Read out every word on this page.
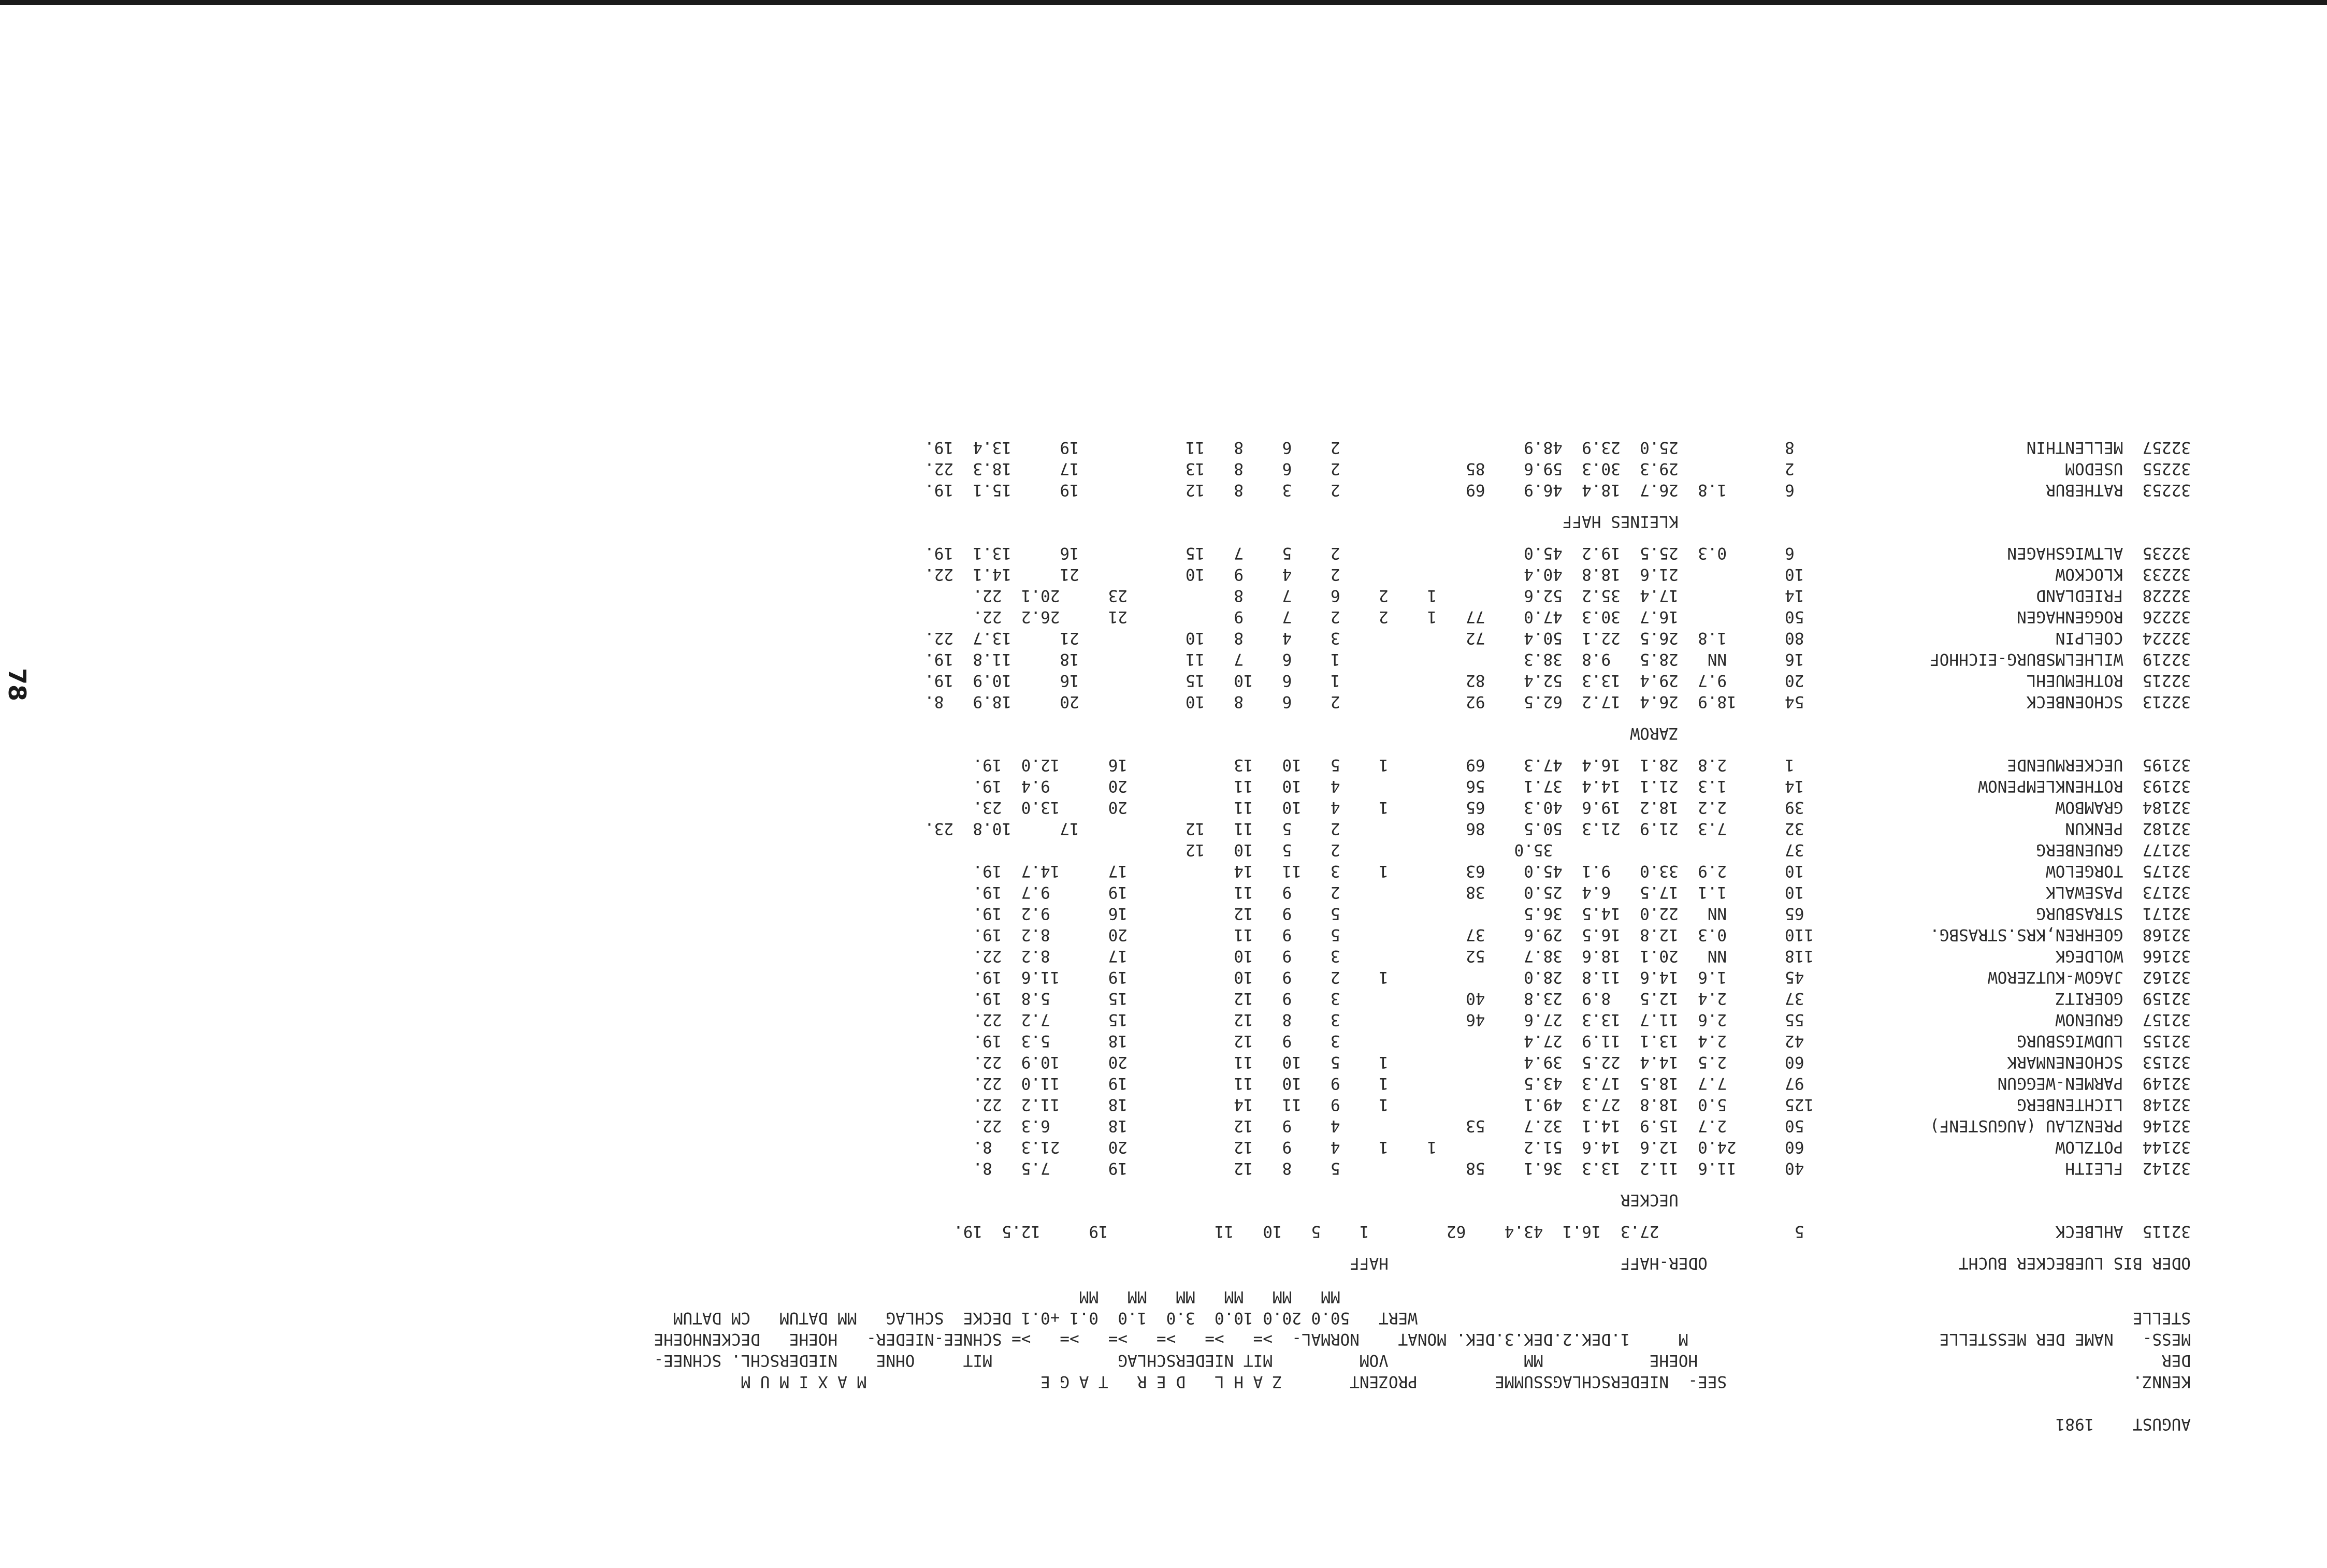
78
AUGUST    1981
KENNZ.                                          SEE-  NIEDERSCHLAGSSUMME        PROZENT       Z A H L   D E R   T A G E                  M A X I M U M
DER                                                HOEHE           MM              VOM         MIT NIEDERSCHLAG             MIT     OHNE    NIEDERSCHL. SCHNEE-
MESS-   NAME DER MESSTELLE                          M     1.DEK.2.DEK.3.DEK. MONAT    NORMAL-  >=   >=   >=   >=   >=   >= SCHNEE-NIEDER-   HOEHE   DECKENHOEHE
STELLE                                                                          WERT   50.0 20.0 10.0  3.0  1.0  0.1 +0.1 DECKE  SCHLAG   MM DATUM   CM DATUM
MM   MM   MM   MM   MM   MM
ODER BIS LUEBECKER BUCHT                          ODER-HAFF                        HAFF
32115  AHLBECK                          5              27.3  16.1  43.4    62        1    5   10   11           19     12.5  19.
UECKER
32142  FLEITH                           40     11.6  11.2  13.3  36.1    58             5    8   12           19      7.5   8.
32144  POTZLOW                          60     24.0  12.6  14.6  51.2         1    1    4    9   12           20     21.3   8.
32146  PRENZLAU (AUGUSTENF)             50      2.7  15.9  14.1  32.7    53             4    9   12           18      6.3  22.
32148  LICHTENBERG                     125      5.0  18.8  27.3  49.1              1    9   11   14           18     11.2  22.
32149  PARMEN-WEGGUN                    97      7.7  18.5  17.3  43.5              1    9   10   11           19     11.0  22.
32153  SCHOENENMARK                     60      2.5  14.4  22.5  39.4              1    5   10   11           20     10.9  22.
32155  LUDWIGSBURG                      42      2.4  13.1  11.9  27.4                   3    9   12           18      5.3  19.
32157  GRUENOW                          55      2.6  11.7  13.3  27.6    46             3    8   12           15      7.2  22.
32159  GOERITZ                          37      2.4  12.5   8.9  23.8    40             3    9   12           15      5.8  19.
32162  JAGOW-KUTZEROW                   45      1.6  14.6  11.8  28.0              1    2    9   10           19     11.6  19.
32166  WOLDEGK                         118      NN   20.1  18.6  38.7    52             3    9   10           17      8.2  22.
32168  GOEHREN,KRS.STRASBG.            110      0.3  12.8  16.5  29.6    37             5    9   11           20      8.2  19.
32171  STRASBURG                        65      NN   22.0  14.5  36.5                   5    9   12           16      9.2  19.
32173  PASEWALK                         10      1.1  17.5   6.4  25.0    38             2    9   11           19      9.7  19.
32175  TORGELOW                         10      2.9  33.0   9.1  45.0    63        1    3   11   14           17     14.7  19.
32177  GRUENBERG                        37                        35.0                  2    5   10   12
32182  PENKUN                           32      7.3  21.9  21.3  50.5    86             2    5   11   12           17     10.8  23.
32184  GRAMBOW                          39      2.2  18.2  19.6  40.3    65        1    4   10   11           20     13.0  23.
32193  ROTHENKLEMPENOW                  14      1.3  21.1  14.4  37.1    56             4   10   11           20      9.4  19.
32195  UECKERMUENDE                      1      2.8  28.1  16.4  47.3    69        1    5   10   13           16     12.0  19.
ZAROW
32213  SCHOENBECK                       54     18.9  26.4  17.2  62.5    92             2    6    8   10           20     18.9   8.
32215  ROTHEMUEHL                       20      9.7  29.4  13.3  52.4    82             1    6   10   15           16     10.9  19.
32219  WILHELMSBURG-EICHHOF             16      NN   28.5   9.8  38.3                   1    6    7   11           18     11.8  19.
32224  COELPIN                          80      1.8  26.5  22.1  50.4    72             3    4    8   10           21     13.7  22.
32226  ROGGENHAGEN                      50           16.7  30.3  47.0    77   1    2    2    7    9           21     26.2  22.
32228  FRIEDLAND                        14           17.4  35.2  52.6         1    2    6    7    8           23     20.1  22.
32233  KLOCKOW                          10           21.6  18.8  40.4                   2    4    9   10           21     14.1  22.
32235  ALTWIGSHAGEN                      6      0.3  25.5  19.2  45.0                   2    5    7   15           16     13.1  19.
KLEINES HAFF
32253  RATHEBUR                          6      1.8  26.7  18.4  46.9    69             2    3    8   12           19     15.1  19.
32255  USEDOM                            2           29.3  30.3  59.6    85             2    6    8   13           17     18.3  22.
32257  MELLENTHIN                        8           25.0  23.9  48.9                   2    6    8   11           19     13.4  19.
